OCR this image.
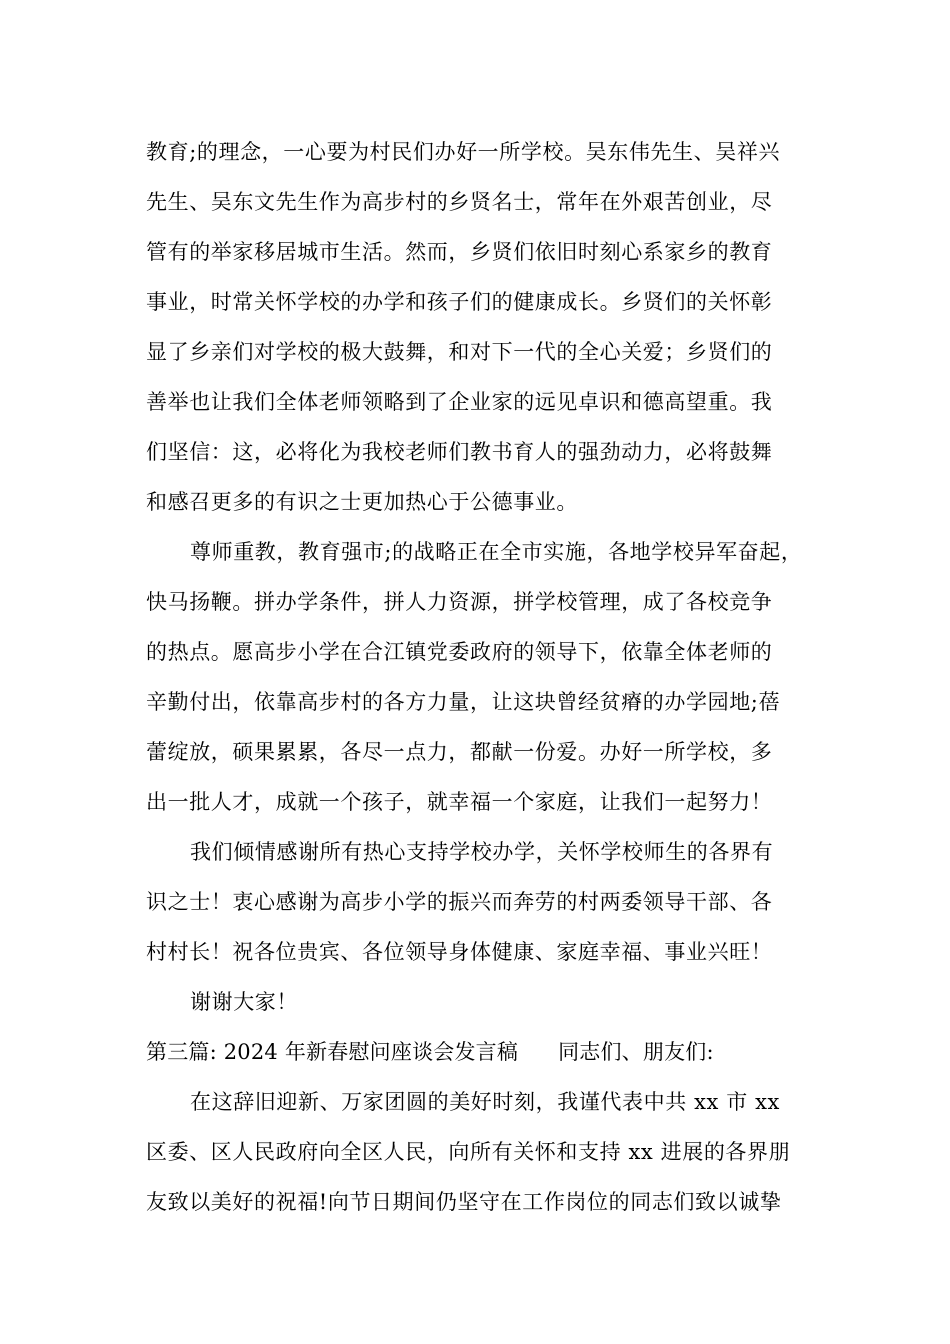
教育;的理念，一心要为村民们办好一所学校。吴东伟先生、吴祥兴
先生、吴东文先生作为高步村的乡贤名士，常年在外艰苦创业，尽
管有的举家移居城市生活。然而，乡贤们依旧时刻心系家乡的教育
事业，时常关怀学校的办学和孩子们的健康成长。乡贤们的关怀彰
显了乡亲们对学校的极大鼓舞，和对下一代的全心关爱；乡贤们的
善举也让我们全体老师领略到了企业家的远见卓识和德高望重。我
们坚信：这，必将化为我校老师们教书育人的强劲动力，必将鼓舞
和感召更多的有识之士更加热心于公德事业。
尊师重教，教育强市;的战略正在全市实施，各地学校异军奋起，
快马扬鞭。拼办学条件，拼人力资源，拼学校管理，成了各校竞争
的热点。愿高步小学在合江镇党委政府的领导下，依靠全体老师的
辛勤付出，依靠高步村的各方力量，让这块曾经贫瘠的办学园地;蓓
蕾绽放，硕果累累，各尽一点力，都献一份爱。办好一所学校，多
出一批人才，成就一个孩子，就幸福一个家庭，让我们一起努力！
我们倾情感谢所有热心支持学校办学，关怀学校师生的各界有
识之士！衷心感谢为高步小学的振兴而奔劳的村两委领导干部、各
村村长！祝各位贵宾、各位领导身体健康、家庭幸福、事业兴旺！
谢谢大家！
第三篇: 2024 年新春慰问座谈会发言稿 同志们、朋友们:
在这辞旧迎新、万家团圆的美好时刻，我谨代表中共 xx 市 xx
区委、区人民政府向全区人民，向所有关怀和支持 xx 进展的各界朋
友致以美好的祝福!向节日期间仍坚守在工作岗位的同志们致以诚挚
